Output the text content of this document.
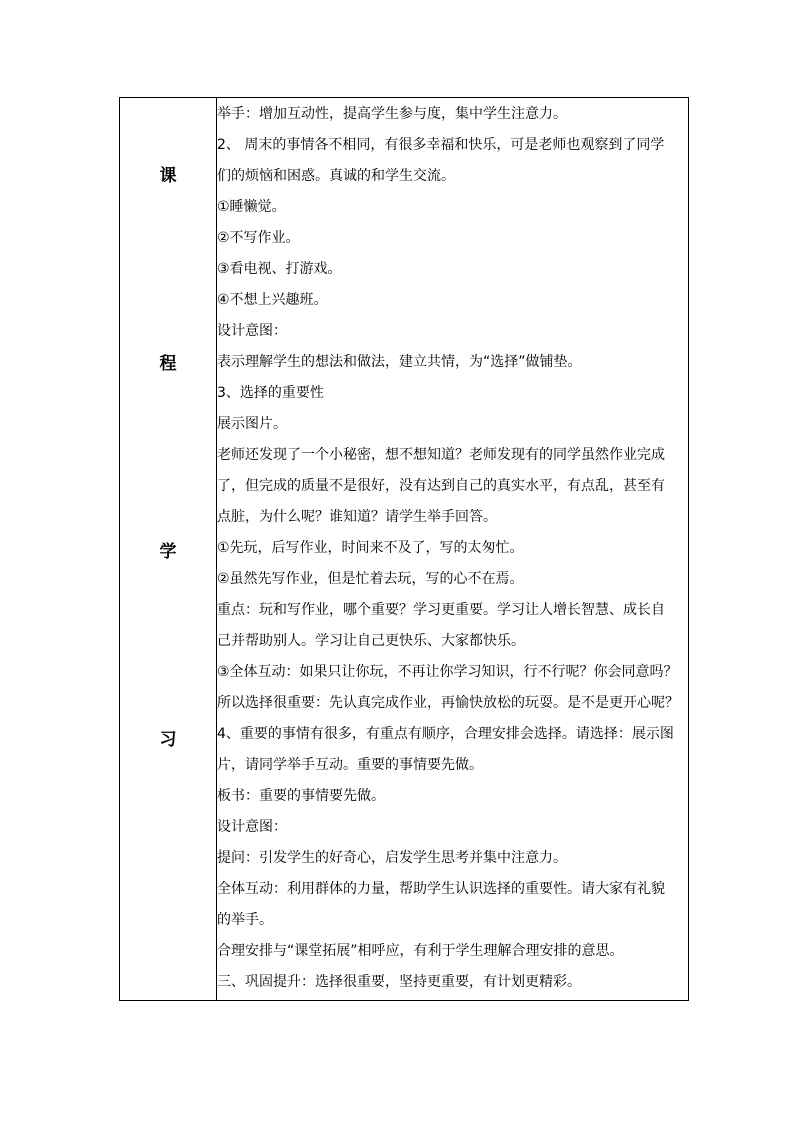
课
程
学
习
举手：增加互动性，提高学生参与度，集中学生注意力。
2、 周末的事情各不相同，有很多幸福和快乐，可是老师也观察到了同学
们的烦恼和困惑。真诚的和学生交流。
①睡懒觉。
②不写作业。
③看电视、打游戏。
④不想上兴趣班。
设计意图：
表示理解学生的想法和做法，建立共情，为“选择”做铺垫。
3、选择的重要性
展示图片。
老师还发现了一个小秘密，想不想知道？老师发现有的同学虽然作业完成
了，但完成的质量不是很好，没有达到自己的真实水平，有点乱，甚至有
点脏，为什么呢？谁知道？请学生举手回答。
①先玩，后写作业，时间来不及了，写的太匆忙。
②虽然先写作业，但是忙着去玩，写的心不在焉。
重点：玩和写作业，哪个重要？学习更重要。学习让人增长智慧、成长自
己并帮助别人。学习让自己更快乐、大家都快乐。
③全体互动：如果只让你玩，不再让你学习知识，行不行呢？你会同意吗？
所以选择很重要：先认真完成作业，再愉快放松的玩耍。是不是更开心呢？
4、重要的事情有很多，有重点有顺序，合理安排会选择。请选择：展示图
片，请同学举手互动。重要的事情要先做。
板书：重要的事情要先做。
设计意图：
提问：引发学生的好奇心，启发学生思考并集中注意力。
全体互动：利用群体的力量，帮助学生认识选择的重要性。请大家有礼貌
的举手。
合理安排与“课堂拓展”相呼应，有利于学生理解合理安排的意思。
三、巩固提升：选择很重要，坚持更重要，有计划更精彩。
